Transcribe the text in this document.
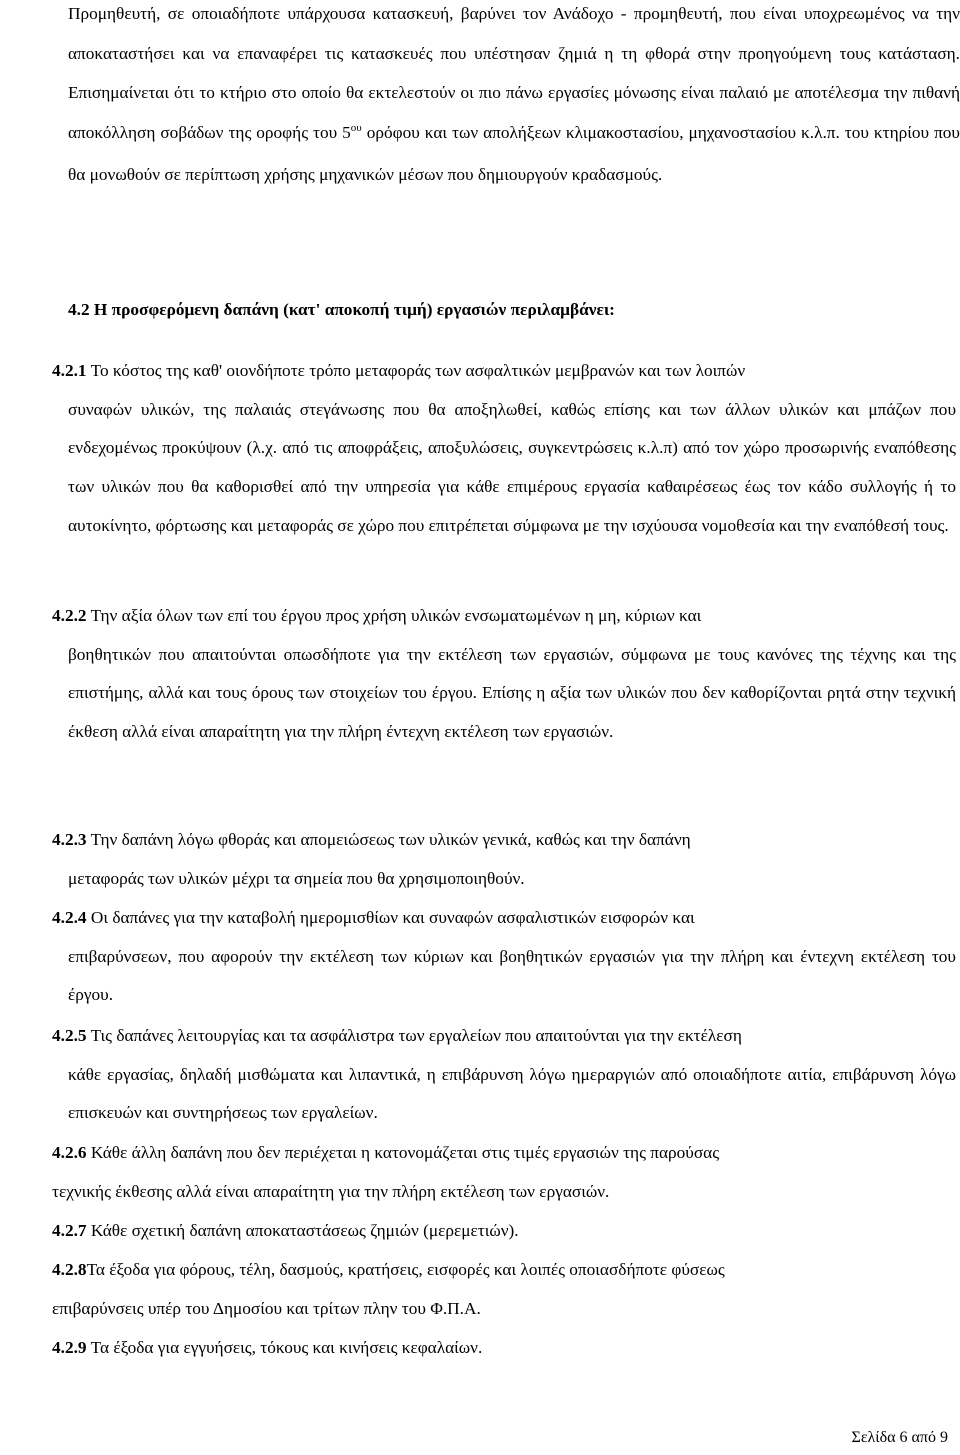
Προμηθευτή, σε οποιαδήποτε υπάρχουσα κατασκευή, βαρύνει τον Ανάδοχο - προμηθευτή, που είναι υποχρεωμένος να την αποκαταστήσει και να επαναφέρει τις κατασκευές που υπέστησαν ζημιά η τη φθορά στην προηγούμενη τους κατάσταση. Επισημαίνεται ότι το κτήριο στο οποίο θα εκτελεστούν οι πιο πάνω εργασίες μόνωσης είναι παλαιό με αποτέλεσμα την πιθανή αποκόλληση σοβάδων της οροφής του $5^{o\upsilon}$ ορόφου και των απολήξεων κλιμακοστασίου, μηχανοστασίου κ.λ.π. του κτηρίου που θα μονωθούν σε περίπτωση χρήσης μηχανικών μέσων που δημιουργούν κραδασμούς.

4.2 Η προσφερόμενη δαπάνη (κατ' αποκοπή τιμή) εργασιών περιλαμβάνει:

4.2.1 Το κόστος της καθ' οιονδήποτε τρόπο μεταφοράς των ασφαλτικών μεμβρανών και των λοιπών

συναφών υλικών, της παλαιάς στεγάνωσης που θα αποξηλωθεί, καθώς επίσης και των άλλων υλικών και μπάζων που ενδεχομένως προκύψουν (λ.χ. από τις αποφράξεις, αποξυλώσεις, συγκεντρώσεις κ.λ.π) από τον χώρο προσωρινής εναπόθεσης των υλικών που θα καθορισθεί από την υπηρεσία για κάθε επιμέρους εργασία καθαιρέσεως έως τον κάδο συλλογής ή το αυτοκίνητο, φόρτωσης και μεταφοράς σε χώρο που επιτρέπεται σύμφωνα με την ισχύουσα νομοθεσία και την εναπόθεσή τους.

4.2.2 Την αξία όλων των επί του έργου προς χρήση υλικών ενσωματωμένων η μη, κύριων και

βοηθητικών που απαιτούνται οπωσδήποτε για την εκτέλεση των εργασιών, σύμφωνα με τους κανόνες της τέχνης και της επιστήμης, αλλά και τους όρους των στοιχείων του έργου. Επίσης η αξία των υλικών που δεν καθορίζονται ρητά στην τεχνική έκθεση αλλά είναι απαραίτητη για την πλήρη έντεχνη εκτέλεση των εργασιών.

4.2.3 Την δαπάνη λόγω φθοράς και απομειώσεως των υλικών γενικά, καθώς και την δαπάνη

μεταφοράς των υλικών μέχρι τα σημεία που θα χρησιμοποιηθούν.

4.2.4 Οι δαπάνες για την καταβολή ημερομισθίων και συναφών ασφαλιστικών εισφορών και

επιβαρύνσεων, που αφορούν την εκτέλεση των κύριων και βοηθητικών εργασιών για την πλήρη και έντεχνη εκτέλεση του έργου.

4.2.5 Τις δαπάνες λειτουργίας και τα ασφάλιστρα των εργαλείων που απαιτούνται για την εκτέλεση

κάθε εργασίας, δηλαδή μισθώματα και λιπαντικά, η επιβάρυνση λόγω ημεραργιών από οποιαδήποτε αιτία, επιβάρυνση λόγω επισκευών και συντηρήσεως των εργαλείων.

4.2.6 Κάθε άλλη δαπάνη που δεν περιέχεται η κατονομάζεται στις τιμές εργασιών της παρούσας

τεχνικής έκθεσης αλλά είναι απαραίτητη για την πλήρη εκτέλεση των εργασιών.

4.2.7 Κάθε σχετική δαπάνη αποκαταστάσεως ζημιών (μερεμετιών).

4.2.8Τα έξοδα για φόρους, τέλη, δασμούς, κρατήσεις, εισφορές και λοιπές οποιασδήποτε φύσεως

επιβαρύνσεις υπέρ του Δημοσίου και τρίτων πλην του Φ.Π.Α.

4.2.9 Τα έξοδα για εγγυήσεις, τόκους και κινήσεις κεφαλαίων.

Σελίδα 6 από 9
